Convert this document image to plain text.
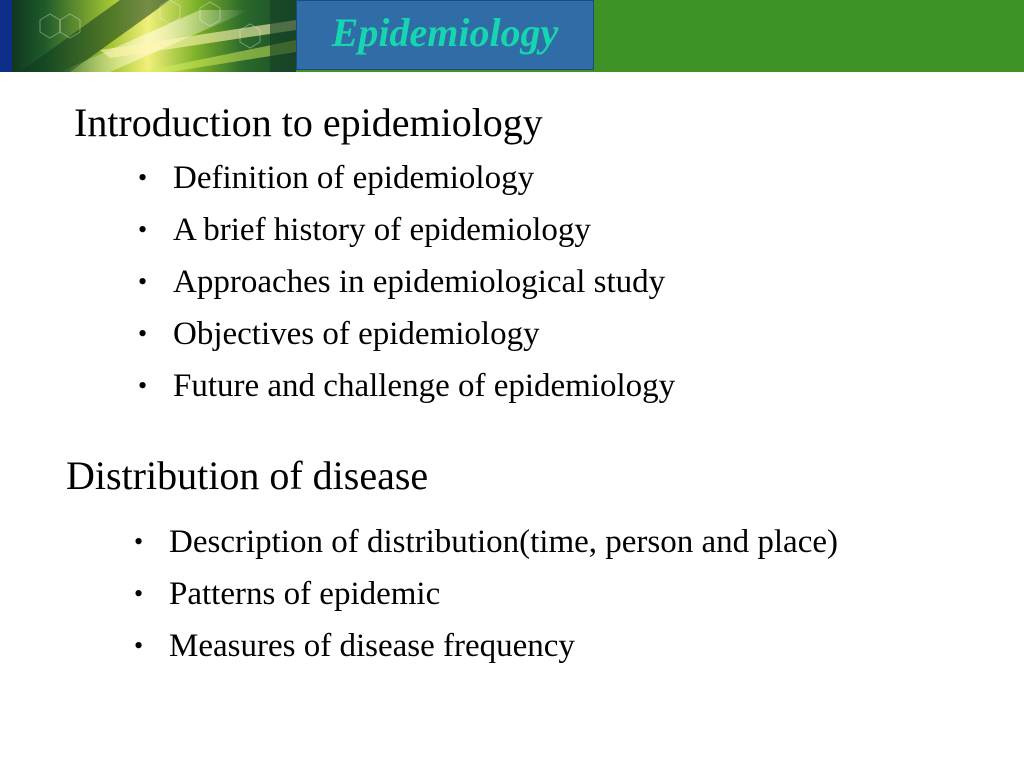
Epidemiology
Introduction to epidemiology
• Definition of epidemiology
• A brief history of epidemiology
• Approaches in epidemiological study
• Objectives of epidemiology
• Future and challenge of epidemiology
Distribution of disease
• Description of distribution(time, person and place)
• Patterns of epidemic
• Measures of disease frequency
